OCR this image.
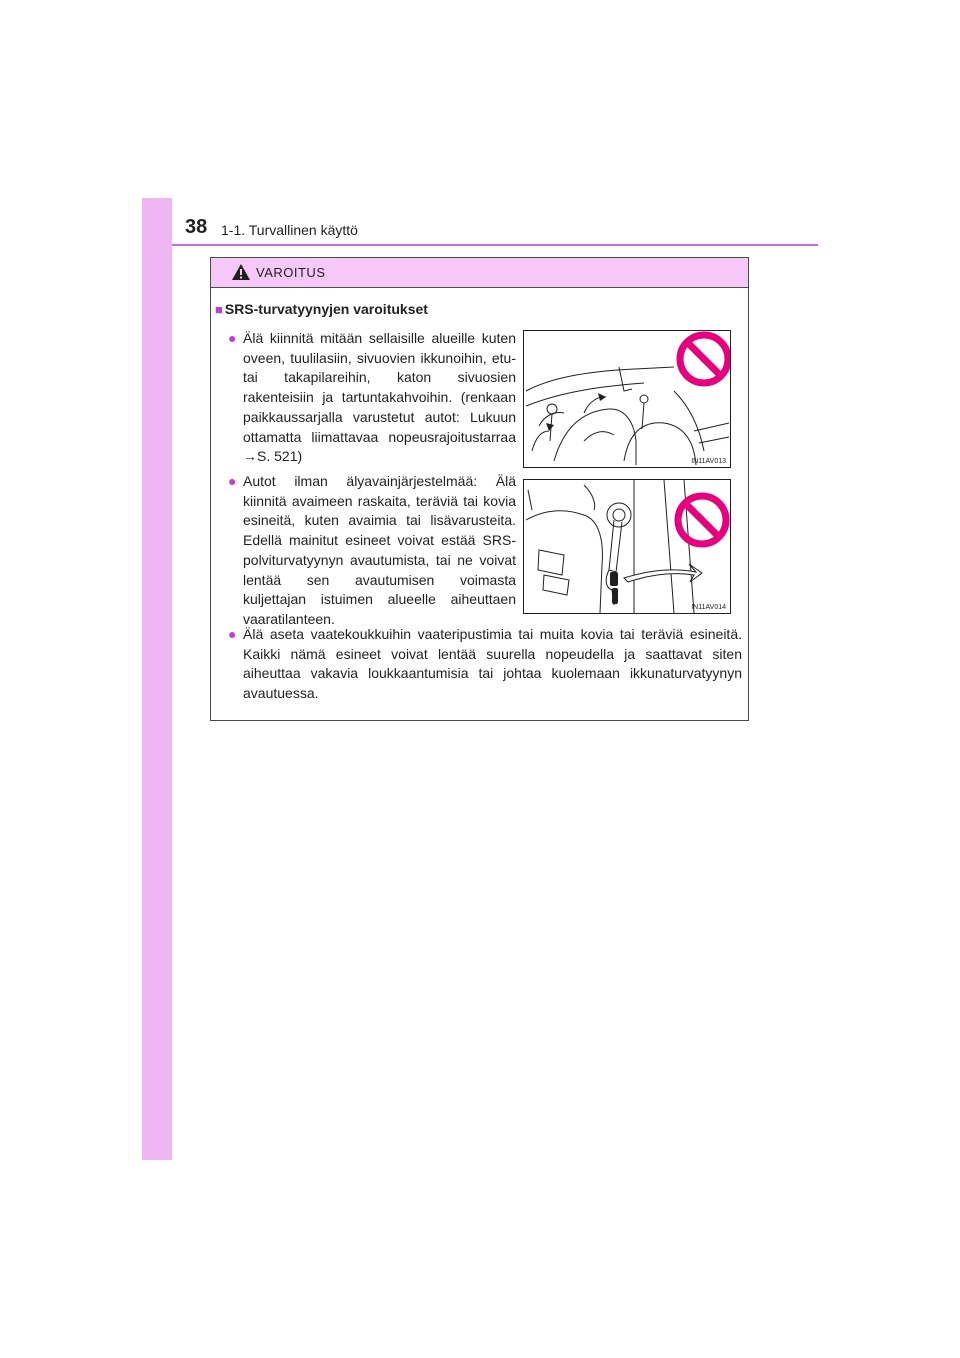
38 1-1. Turvallinen käyttö
VAROITUS
■ SRS-turvatyynyjen varoitukset
● Älä kiinnitä mitään sellaisille alueille kuten oveen, tuulilasiin, sivuovien ikkunoihin, etu- tai takapilareihin, katon sivuosien rakenteisiin ja tartuntakahvoihin. (renkaan paikkaussarjalla varustetut autot: Lukuun ottamatta liimattavaa nopeusrajoitustarraa →S. 521)	IN11AV013
● Autot ilman älyavainjärjestelmää: Älä kiinnitä avaimeen raskaita, teräviä tai kovia esineitä, kuten avaimia tai lisävarusteita. Edellä mainitut esineet voivat estää SRS-polviturvatyynyn avautumista, tai ne voivat lentää sen avautumisen voimasta kuljettajan istuimen alueelle aiheuttaen vaaratilanteen.
IN11AV014
● Älä aseta vaatekoukkuihin vaateripustimia tai muita kovia tai teräviä esineitä. Kaikki nämä esineet voivat lentää suurella nopeudella ja saattavat siten aiheuttaa vakavia loukkaantumisia tai johtaa kuolemaan ikkunaturvatyynyn avautuessa.
